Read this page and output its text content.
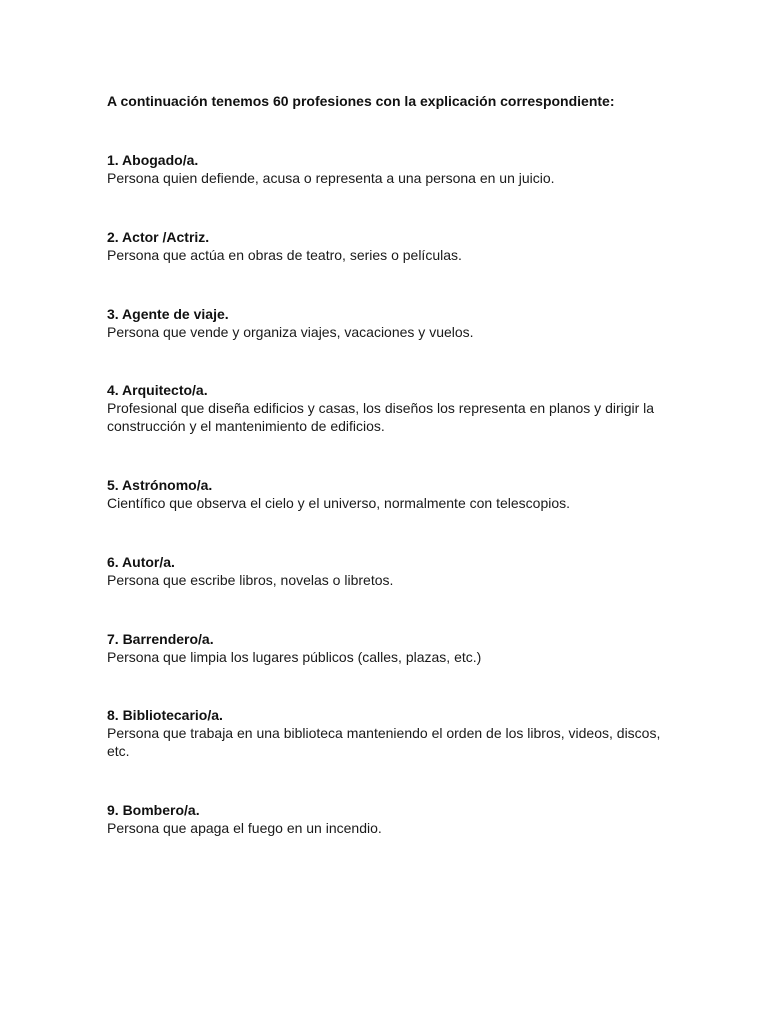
A continuación tenemos 60 profesiones con la explicación correspondiente:

1. Abogado/a.

Persona quien defiende, acusa o representa a una persona en un juicio.

2. Actor /Actriz.

Persona que actúa en obras de teatro, series o películas.

3. Agente de viaje.

Persona que vende y organiza viajes, vacaciones y vuelos.

4. Arquitecto/a.

Profesional que diseña edificios y casas, los diseños los representa en planos y dirigir la construcción y el mantenimiento de edificios.

5. Astrónomo/a.

Científico que observa el cielo y el universo, normalmente con telescopios.

6. Autor/a.

Persona que escribe libros, novelas o libretos.

7. Barrendero/a.

Persona que limpia los lugares públicos (calles, plazas, etc.)

8. Bibliotecario/a.

Persona que trabaja en una biblioteca manteniendo el orden de los libros, videos, discos, etc.

9. Bombero/a.

Persona que apaga el fuego en un incendio.
